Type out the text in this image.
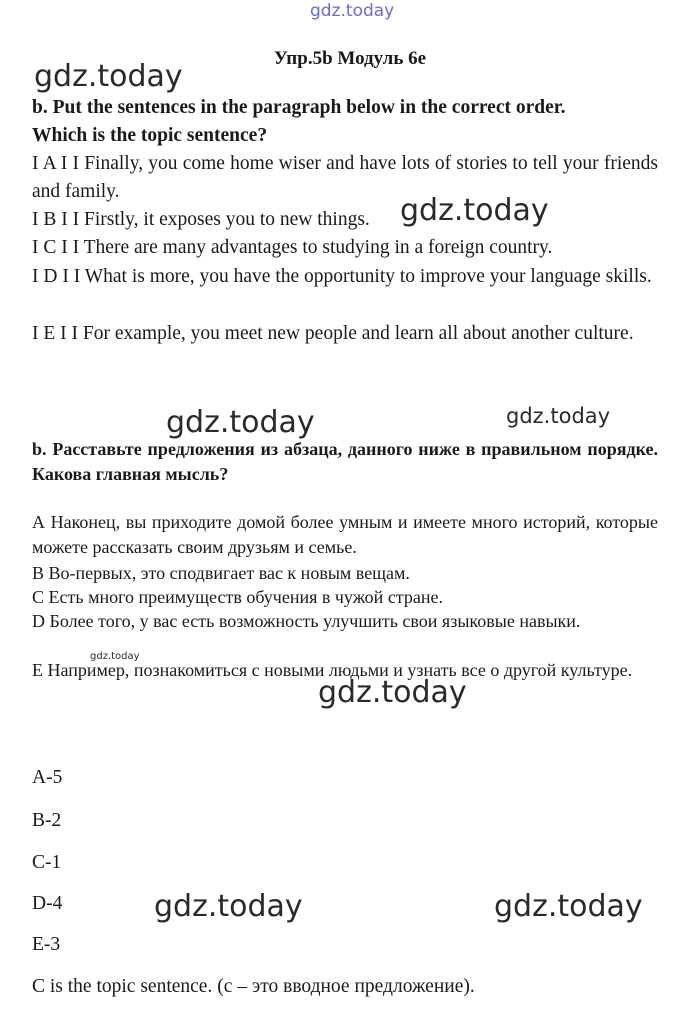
gdz.today
gdz.today
gdz.today
gdz.today	gdz.today
gdz.today
gdz.today
gdz.today	gdz.today
Упр.5b Модуль 6е
b. Put the sentences in the paragraph below in the correct order.
Which is the topic sentence?
I A I I Finally, you come home wiser and have lots of stories to tell your friends and family.
I B I I Firstly, it exposes you to new things.
I C I I There are many advantages to studying in a foreign country.
I D I I What is more, you have the opportunity to improve your language skills.
I E I I For example, you meet new people and learn all about another culture.
b. Расставьте предложения из абзаца, данного ниже в правильном порядке. Какова главная мысль?
А Наконец, вы приходите домой более умным и имеете много историй, которые можете рассказать своим друзьям и семье.
В Во-первых, это сподвигает вас к новым вещам.
С Есть много преимуществ обучения в чужой стране.
D Более того, у вас есть возможность улучшить свои языковые навыки.
Е Например, познакомиться с новыми людьми и узнать все о другой культуре.
A-5
B-2
C-1
D-4
E-3
C is the topic sentence. (с – это вводное предложение).
